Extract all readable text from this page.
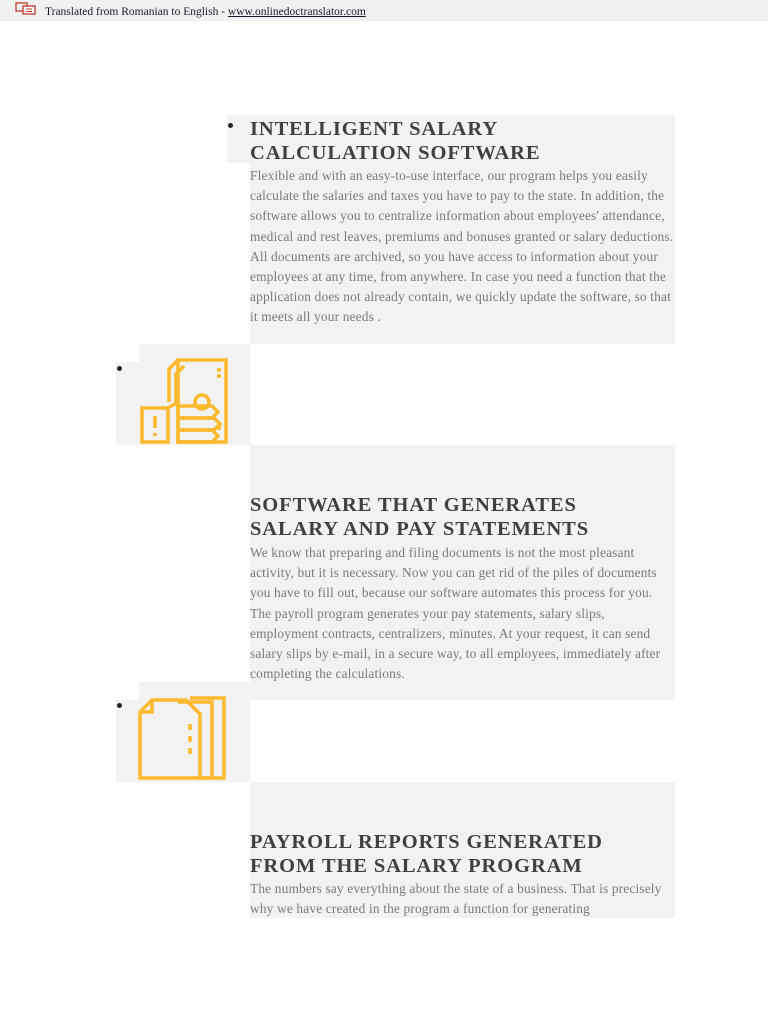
Translated from Romanian to English - www.onlinedoctranslator.com
INTELLIGENT SALARY
CALCULATION SOFTWARE
Flexible and with an easy-to-use interface, our program helps you easily calculate the salaries and taxes you have to pay to the state. In addition, the software allows you to centralize information about employees' attendance, medical and rest leaves, premiums and bonuses granted or salary deductions. All documents are archived, so you have access to information about your employees at any time, from anywhere. In case you need a function that the application does not already contain, we quickly update the software, so that it meets all your needs .
SOFTWARE THAT GENERATES
SALARY AND PAY STATEMENTS
We know that preparing and filing documents is not the most pleasant activity, but it is necessary. Now you can get rid of the piles of documents you have to fill out, because our software automates this process for you. The payroll program generates your pay statements, salary slips, employment contracts, centralizers, minutes. At your request, it can send salary slips by e-mail, in a secure way, to all employees, immediately after completing the calculations.
PAYROLL REPORTS GENERATED
FROM THE SALARY PROGRAM
The numbers say everything about the state of a business. That is precisely why we have created in the program a function for generating
